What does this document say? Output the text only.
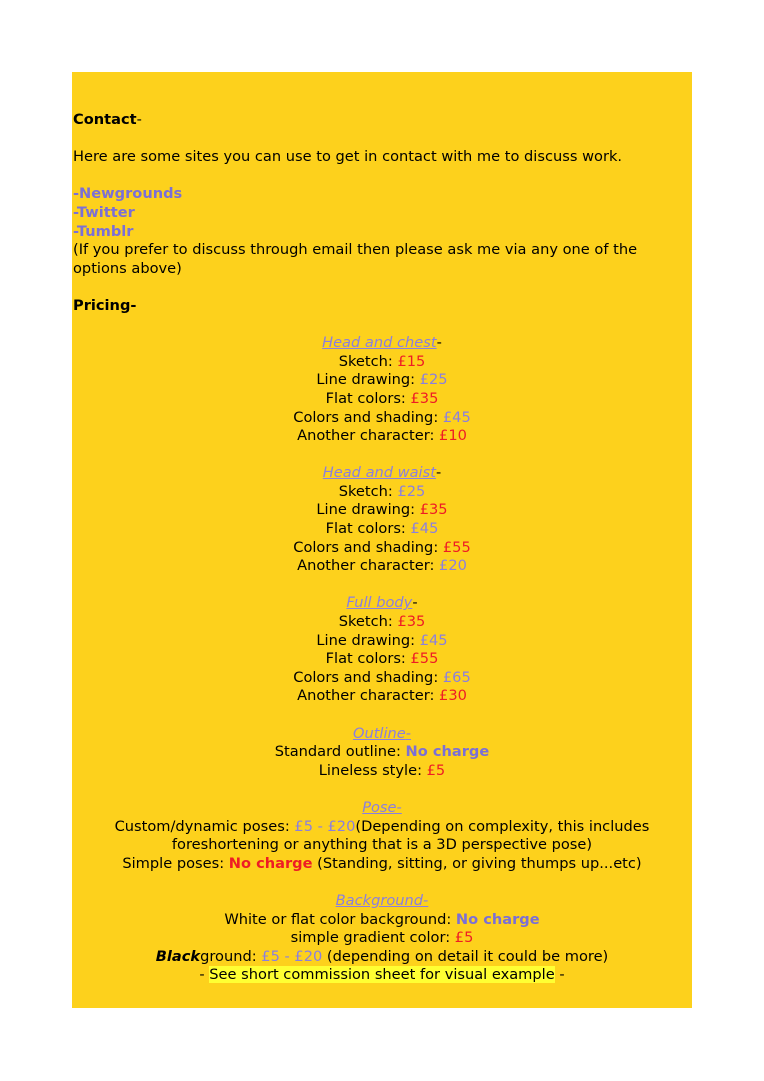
Contact-
Here are some sites you can use to get in contact with me to discuss work.
-Newgrounds
-Twitter
-Tumblr
(If you prefer to discuss through email then please ask me via any one of the options above)
Pricing-
Head and chest-
Sketch: £15
Line drawing: £25
Flat colors: £35
Colors and shading: £45
Another character: £10
Head and waist-
Sketch: £25
Line drawing: £35
Flat colors: £45
Colors and shading: £55
Another character: £20
Full body-
Sketch: £35
Line drawing: £45
Flat colors: £55
Colors and shading: £65
Another character: £30
Outline-
Standard outline: No charge
Lineless style: £5
Pose-
Custom/dynamic poses: £5 - £20(Depending on complexity, this includes foreshortening or anything that is a 3D perspective pose)
Simple poses: No charge (Standing, sitting, or giving thumps up...etc)
Background-
White or flat color background: No charge
simple gradient color: £5
Blackground: £5 - £20 (depending on detail it could be more)
- See short commission sheet for visual example -
